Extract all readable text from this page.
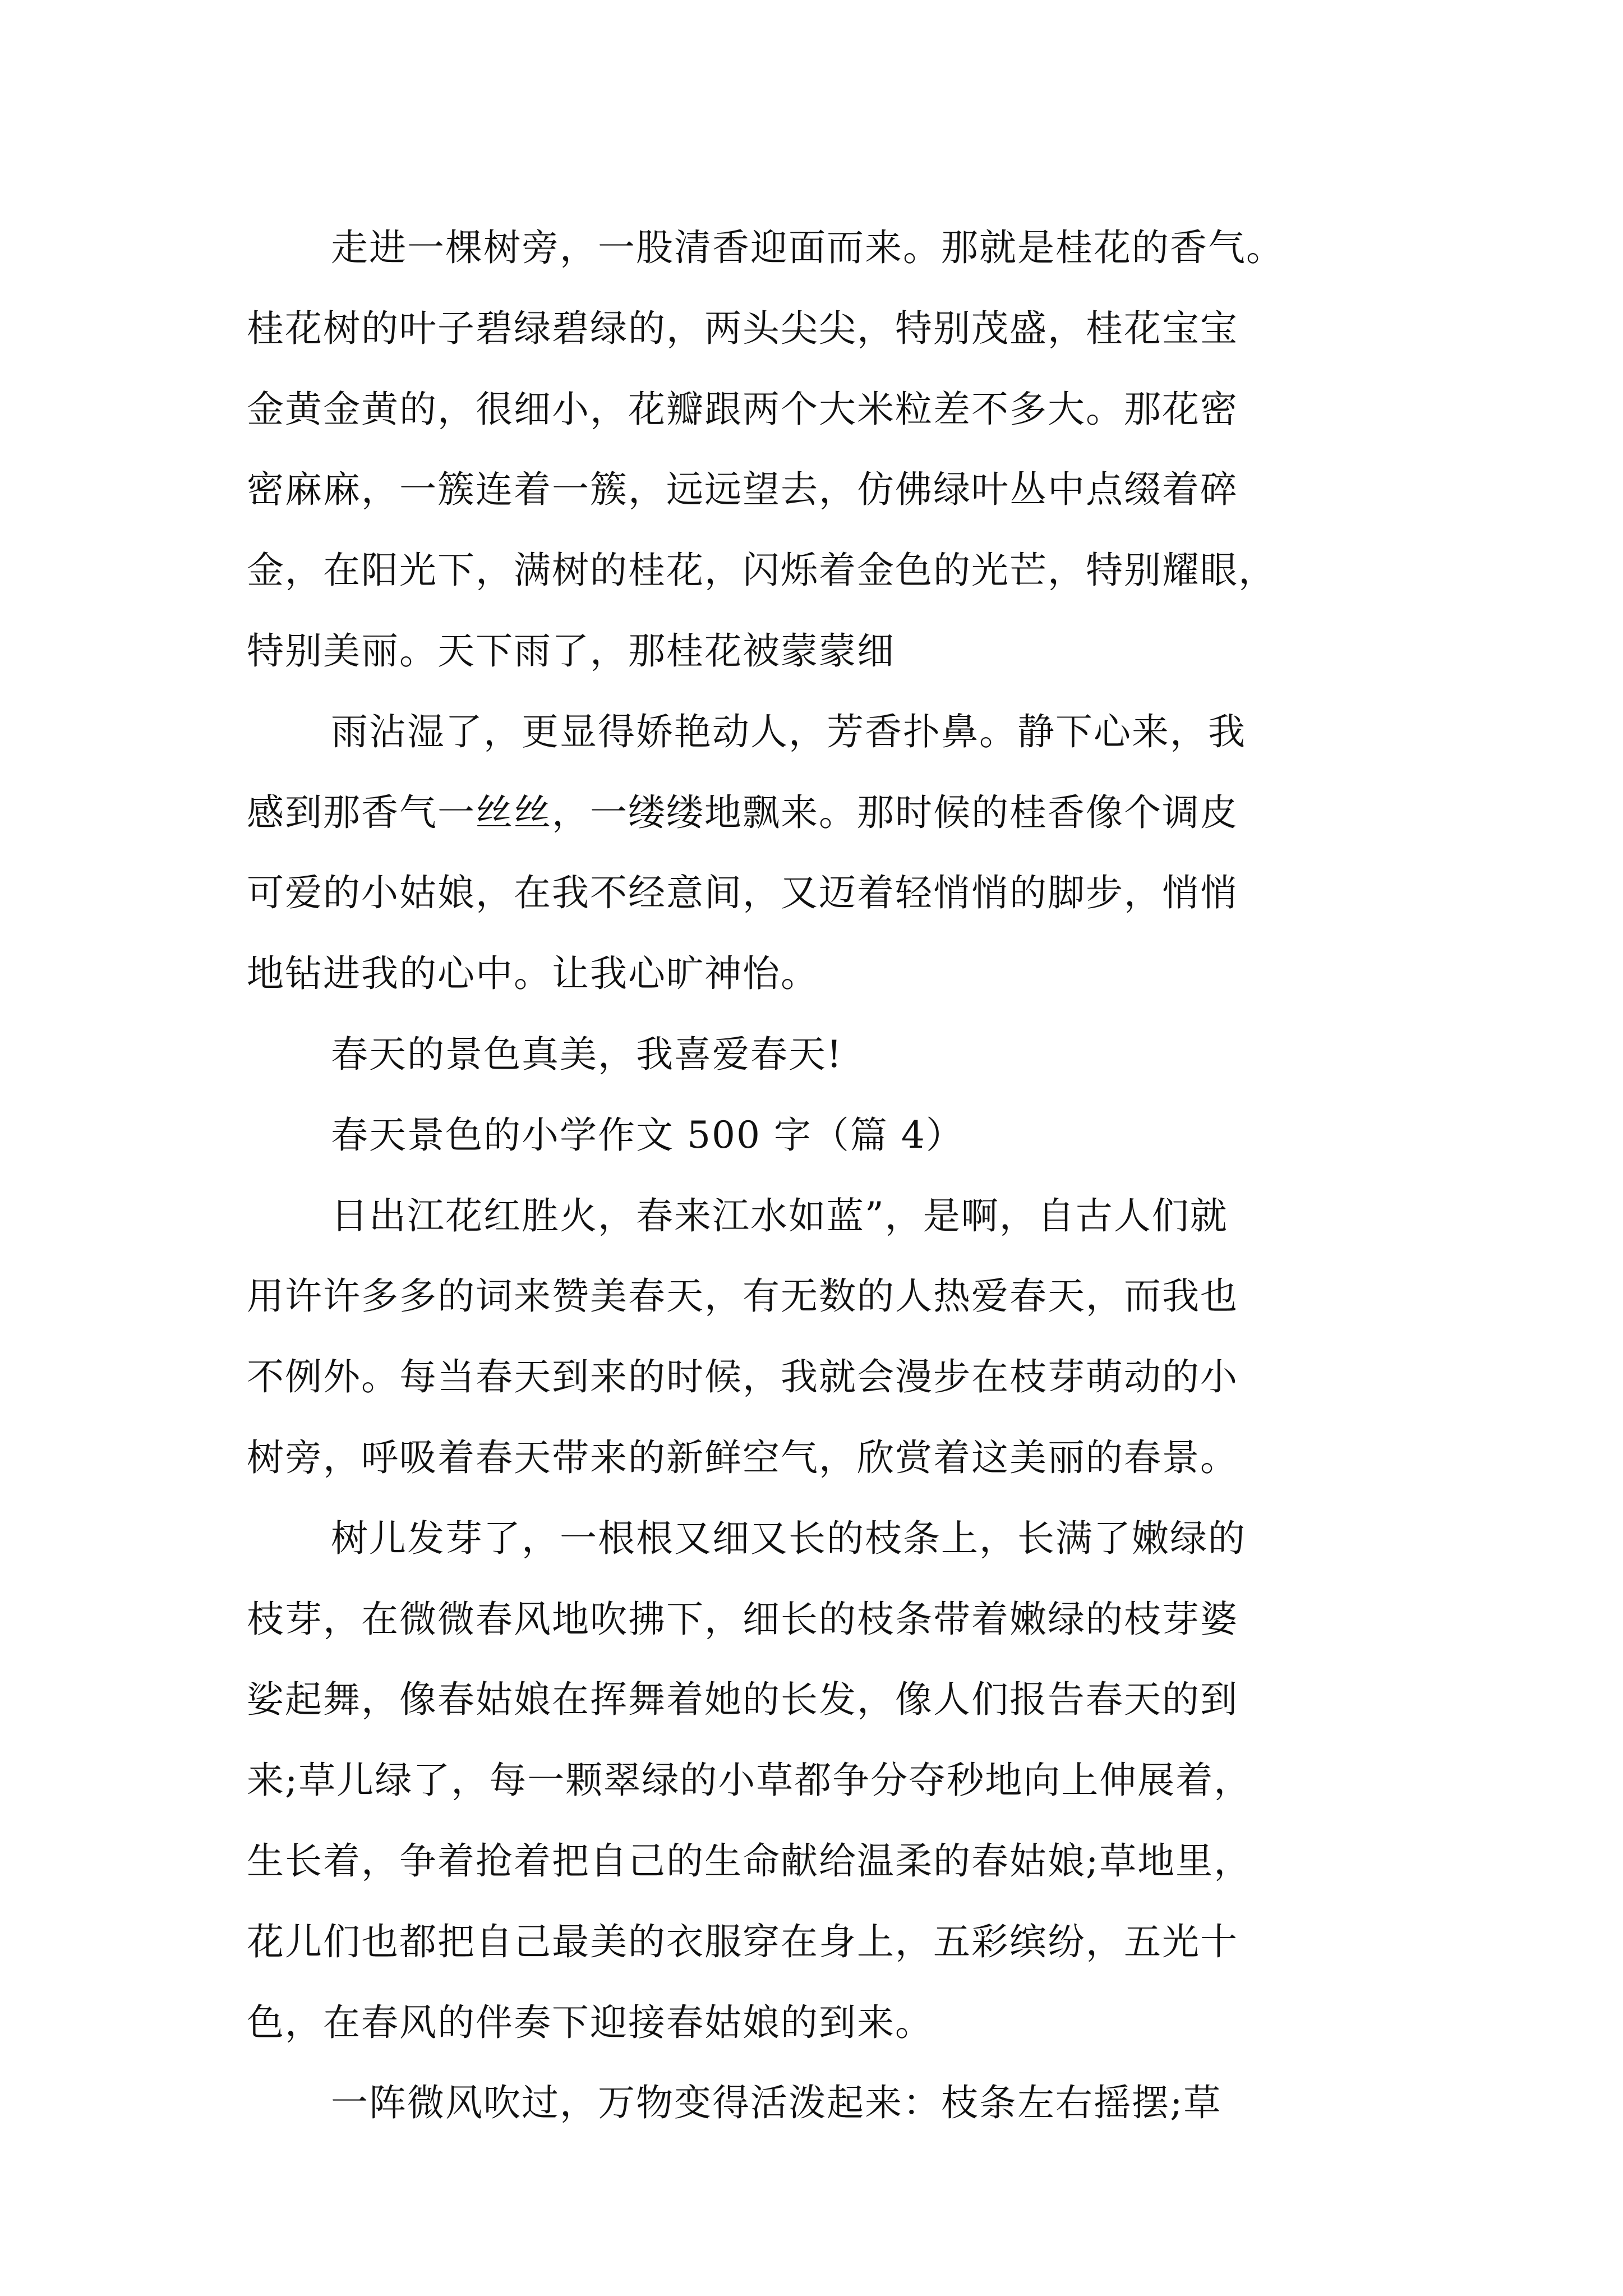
走进一棵树旁，一股清香迎面而来。那就是桂花的香气。
桂花树的叶子碧绿碧绿的，两头尖尖，特别茂盛，桂花宝宝
金黄金黄的，很细小，花瓣跟两个大米粒差不多大。那花密
密麻麻，一簇连着一簇，远远望去，仿佛绿叶丛中点缀着碎
金，在阳光下，满树的桂花，闪烁着金色的光芒，特别耀眼，
特别美丽。天下雨了，那桂花被蒙蒙细
雨沾湿了，更显得娇艳动人，芳香扑鼻。静下心来，我
感到那香气一丝丝，一缕缕地飘来。那时候的桂香像个调皮
可爱的小姑娘，在我不经意间，又迈着轻悄悄的脚步，悄悄
地钻进我的心中。让我心旷神怡。
春天的景色真美，我喜爱春天!
春天景色的小学作文 500 字（篇 4）
日出江花红胜火，春来江水如蓝”，是啊，自古人们就
用许许多多的词来赞美春天，有无数的人热爱春天，而我也
不例外。每当春天到来的时候，我就会漫步在枝芽萌动的小
树旁，呼吸着春天带来的新鲜空气，欣赏着这美丽的春景。
树儿发芽了，一根根又细又长的枝条上，长满了嫩绿的
枝芽，在微微春风地吹拂下，细长的枝条带着嫩绿的枝芽婆
娑起舞，像春姑娘在挥舞着她的长发，像人们报告春天的到
来;草儿绿了，每一颗翠绿的小草都争分夺秒地向上伸展着，
生长着，争着抢着把自己的生命献给温柔的春姑娘;草地里，
花儿们也都把自己最美的衣服穿在身上，五彩缤纷，五光十
色，在春风的伴奏下迎接春姑娘的到来。
一阵微风吹过，万物变得活泼起来：枝条左右摇摆;草
